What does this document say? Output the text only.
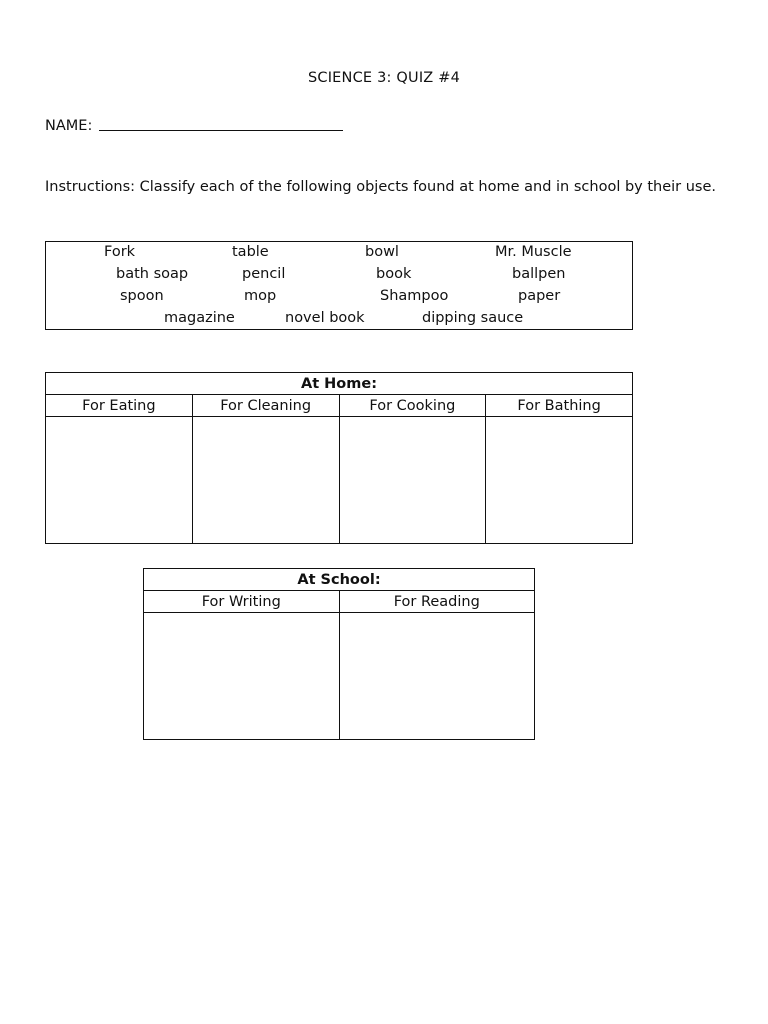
SCIENCE 3: QUIZ #4
NAME:
Instructions: Classify each of the following objects found at home and in school by their use.
Fork	table	bowl	Mr. Muscle
bath soap	pencil	book	ballpen
spoon	mop	Shampoo	paper
magazine	novel book	dipping sauce
At Home:			
For Eating	For Cleaning	For Cooking	For Bathing

At School:	
For Writing	For Reading
